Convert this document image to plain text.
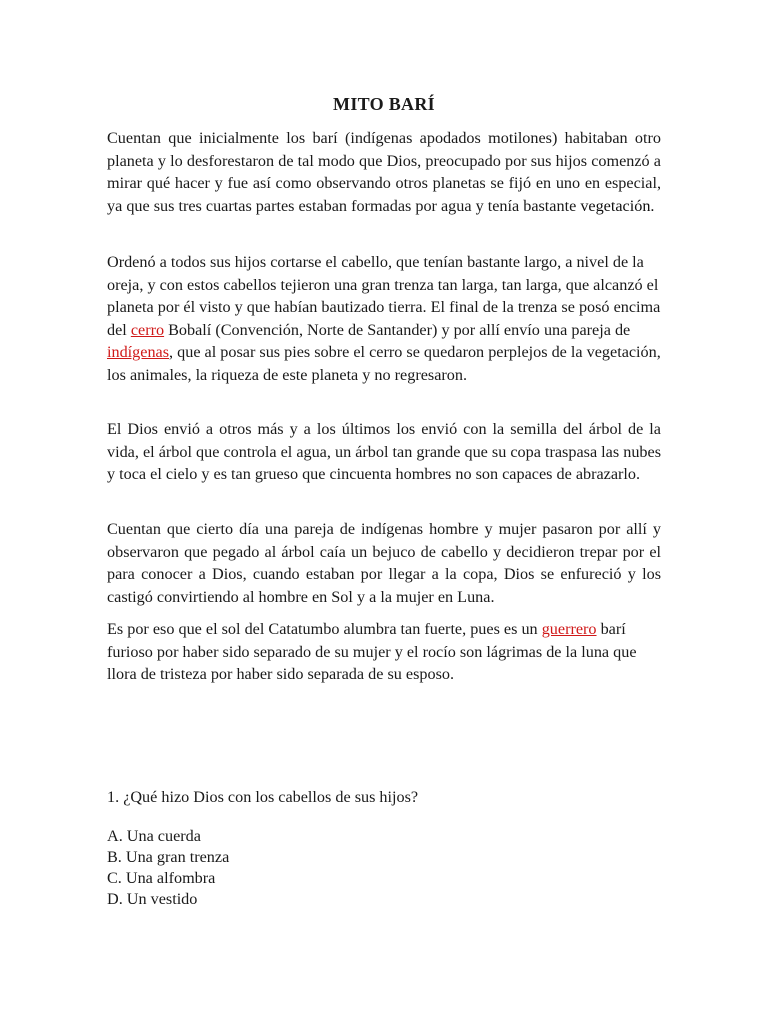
MITO BARÍ

Cuentan que inicialmente los barí (indígenas apodados motilones) habitaban otro planeta y lo desforestaron de tal modo que Dios, preocupado por sus hijos comenzó a mirar qué hacer y fue así como observando otros planetas se fijó en uno en especial, ya que sus tres cuartas partes estaban formadas por agua y tenía bastante vegetación.

Ordenó a todos sus hijos cortarse el cabello, que tenían bastante largo, a nivel de la oreja, y con estos cabellos tejieron una gran trenza tan larga, tan larga, que alcanzó el planeta por él visto y que habían bautizado tierra. El final de la trenza se posó encima del cerro Bobalí (Convención, Norte de Santander) y por allí envío una pareja de indígenas, que al posar sus pies sobre el cerro se quedaron perplejos de la vegetación, los animales, la riqueza de este planeta y no regresaron.

El Dios envió a otros más y a los últimos los envió con la semilla del árbol de la vida, el árbol que controla el agua, un árbol tan grande que su copa traspasa las nubes y toca el cielo y es tan grueso que cincuenta hombres no son capaces de abrazarlo.

Cuentan que cierto día una pareja de indígenas hombre y mujer pasaron por allí y observaron que pegado al árbol caía un bejuco de cabello y decidieron trepar por el para conocer a Dios, cuando estaban por llegar a la copa, Dios se enfureció y los castigó convirtiendo al hombre en Sol y a la mujer en Luna.

Es por eso que el sol del Catatumbo alumbra tan fuerte, pues es un guerrero barí furioso por haber sido separado de su mujer y el rocío son lágrimas de la luna que llora de tristeza por haber sido separada de su esposo.

1. ¿Qué hizo Dios con los cabellos de sus hijos?
A. Una cuerda
B. Una gran trenza
C. Una alfombra
D. Un vestido
